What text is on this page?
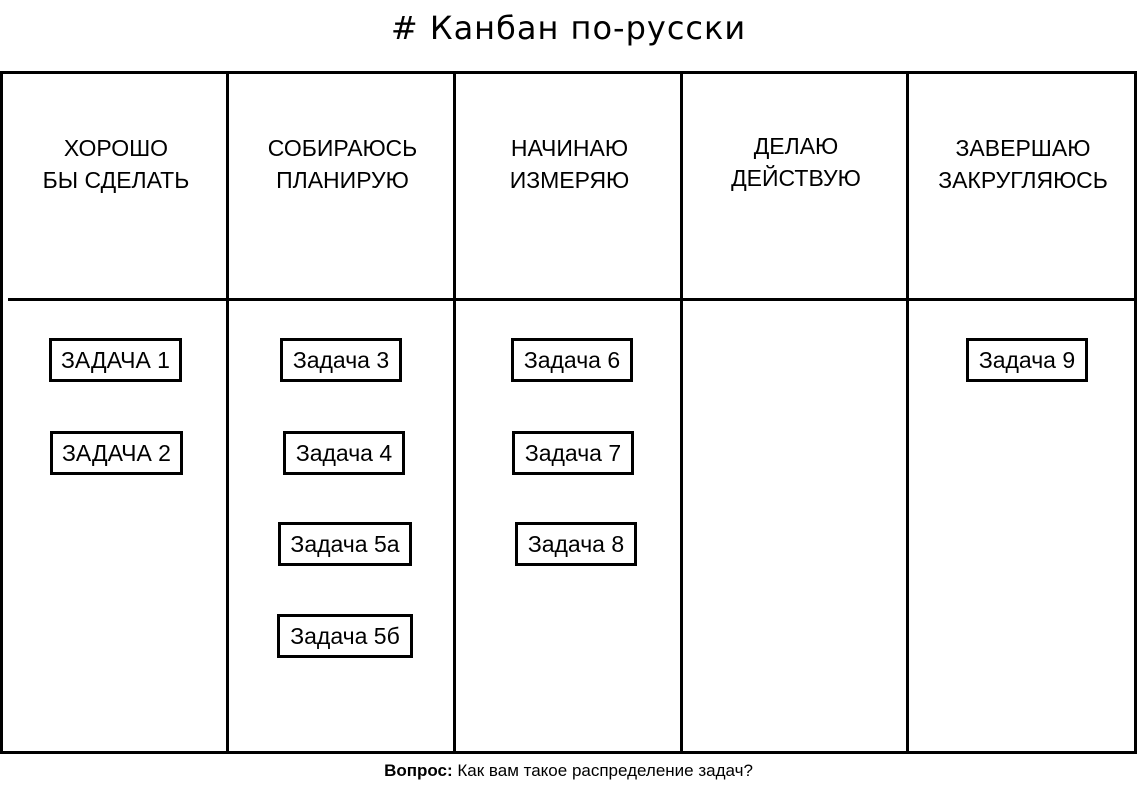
# Канбан по-русски
ХОРОШО
БЫ СДЕЛАТЬ
СОБИРАЮСЬ
ПЛАНИРУЮ
НАЧИНАЮ
ИЗМЕРЯЮ
ДЕЛАЮ
ДЕЙСТВУЮ
ЗАВЕРШАЮ
ЗАКРУГЛЯЮСЬ
ЗАДАЧА 1
ЗАДАЧА 2
Задача 3
Задача 4
Задача 5а
Задача 5б
Задача 6
Задача 7
Задача 8
Задача 9
Вопрос: Как вам такое распределение задач?
